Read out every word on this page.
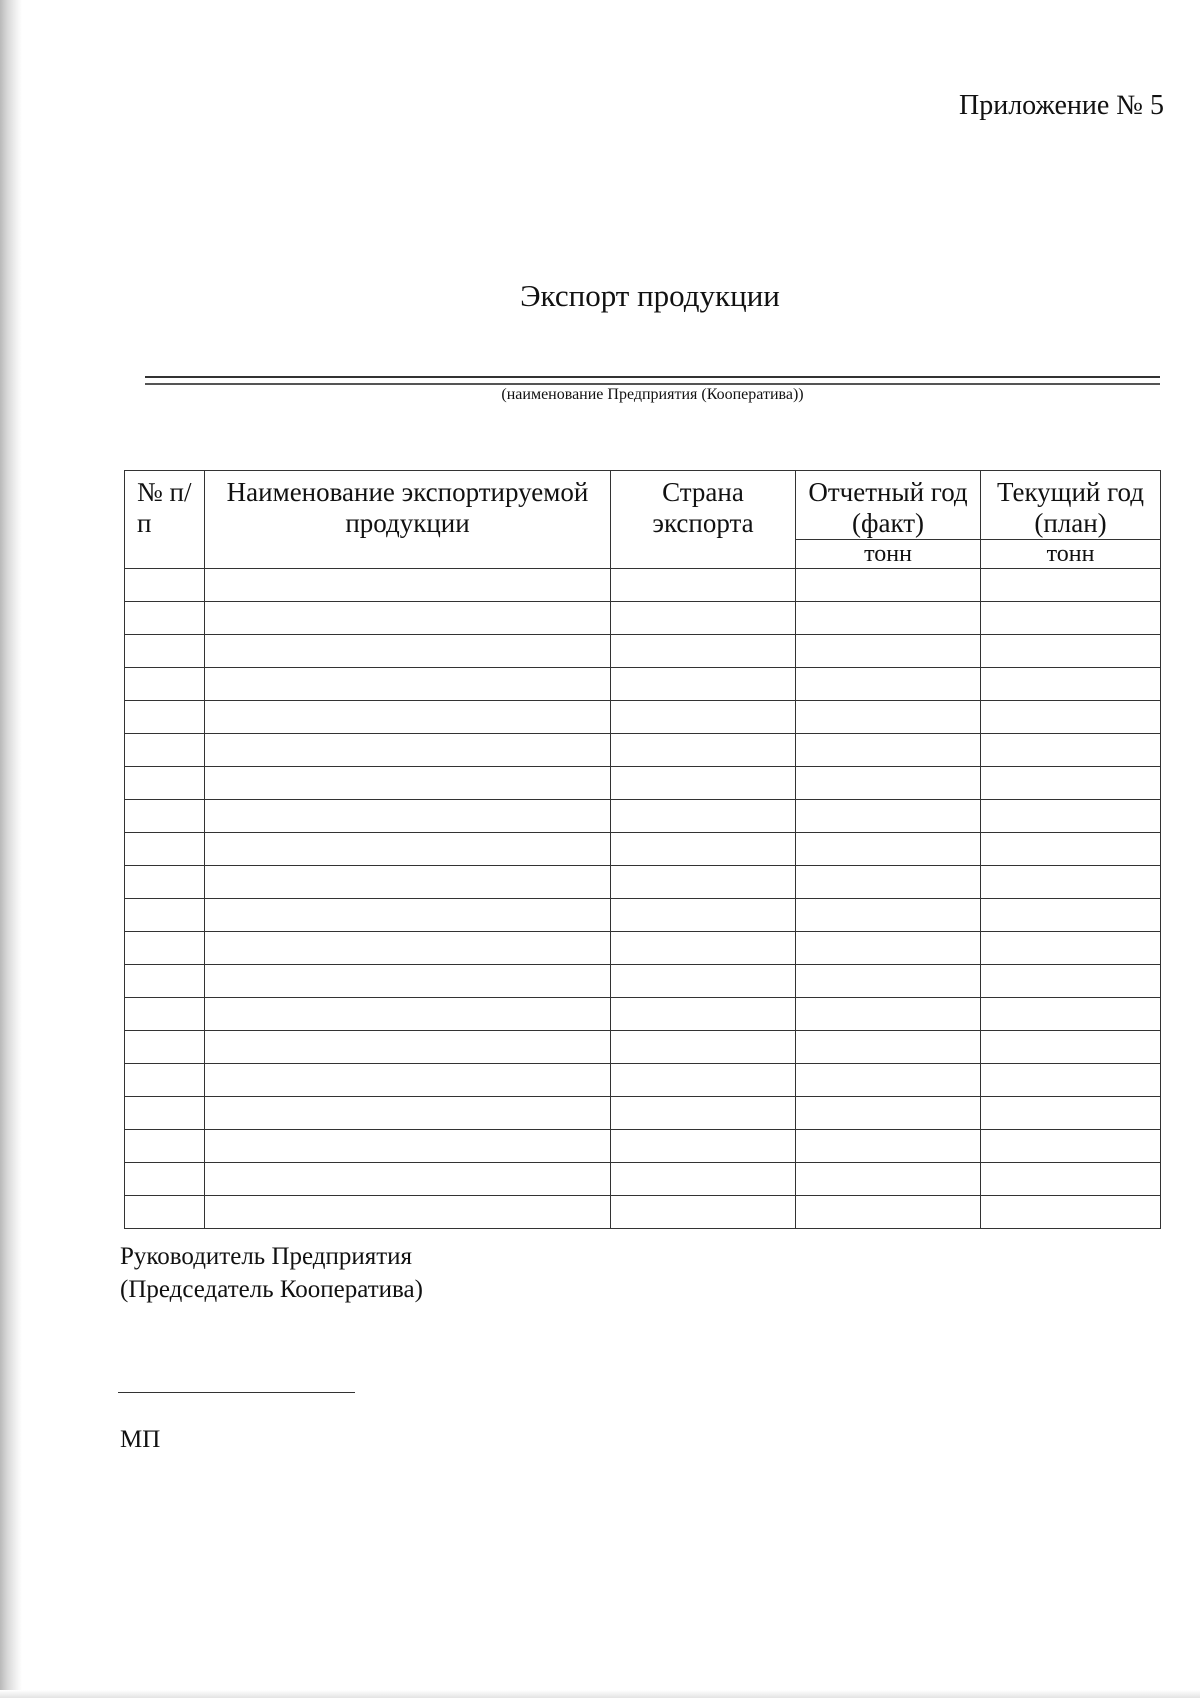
Приложение № 5
Экспорт продукции
(наименование Предприятия (Кооператива))
№ п/п	Наименование экспортируемой продукции	Страна экспорта	Отчетный год (факт)	Текущий год (план)
			тонн	тонн

Руководитель Предприятия
(Председатель Кооператива)
МП
